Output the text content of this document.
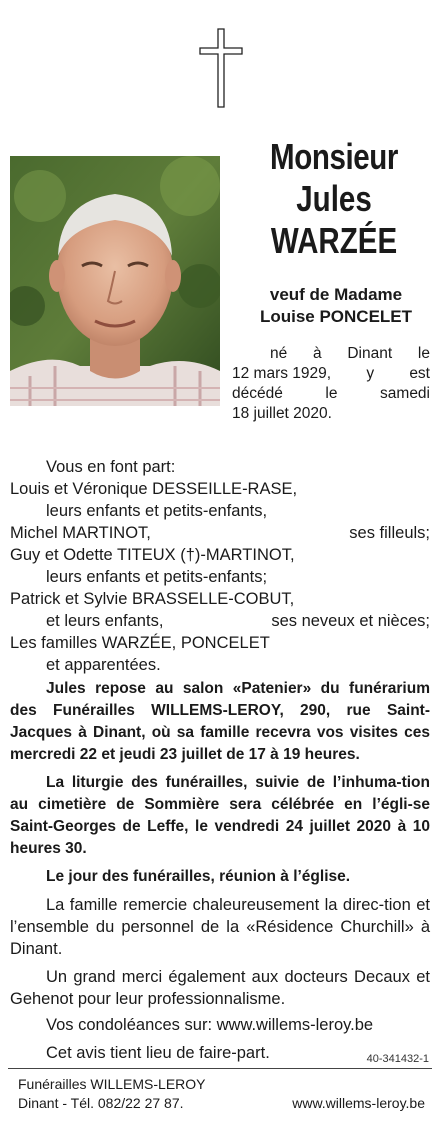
Monsieur
Jules
WARZÉE
veuf de Madame
Louise PONCELET
né à Dinant le
12 mars 1929, y est
décédé	le	samedi
18 juillet 2020.
Vous en font part:
Louis et Véronique DESSEILLE-RASE,
leurs enfants et petits-enfants,
Michel MARTINOT,	ses filleuls;
Guy et Odette TITEUX (†)-MARTINOT,
leurs enfants et petits-enfants;
Patrick et Sylvie BRASSELLE-COBUT,
et leurs enfants,	ses neveux et nièces;
Les familles WARZÉE, PONCELET
et apparentées.
Jules repose au salon «Patenier» du funérarium des Funérailles WILLEMS-LEROY, 290, rue Saint-Jacques à Dinant, où sa famille recevra vos visites ces mercredi 22 et jeudi 23 juillet de 17 à 19 heures.
La liturgie des funérailles, suivie de l’inhuma-tion au cimetière de Sommière sera célébrée en l’égli-se Saint-Georges de Leffe, le vendredi 24 juillet 2020 à 10 heures 30.
Le jour des funérailles, réunion à l’église.
La famille remercie chaleureusement la direc-tion et l’ensemble du personnel de la «Résidence Churchill» à Dinant.
Un grand merci également aux docteurs Decaux et Gehenot pour leur professionnalisme.
Vos condoléances sur: www.willems-leroy.be
Cet avis tient lieu de faire-part.	40-341432-1
Funérailles WILLEMS-LEROY
Dinant - Tél. 082/22 27 87.	www.willems-leroy.be
